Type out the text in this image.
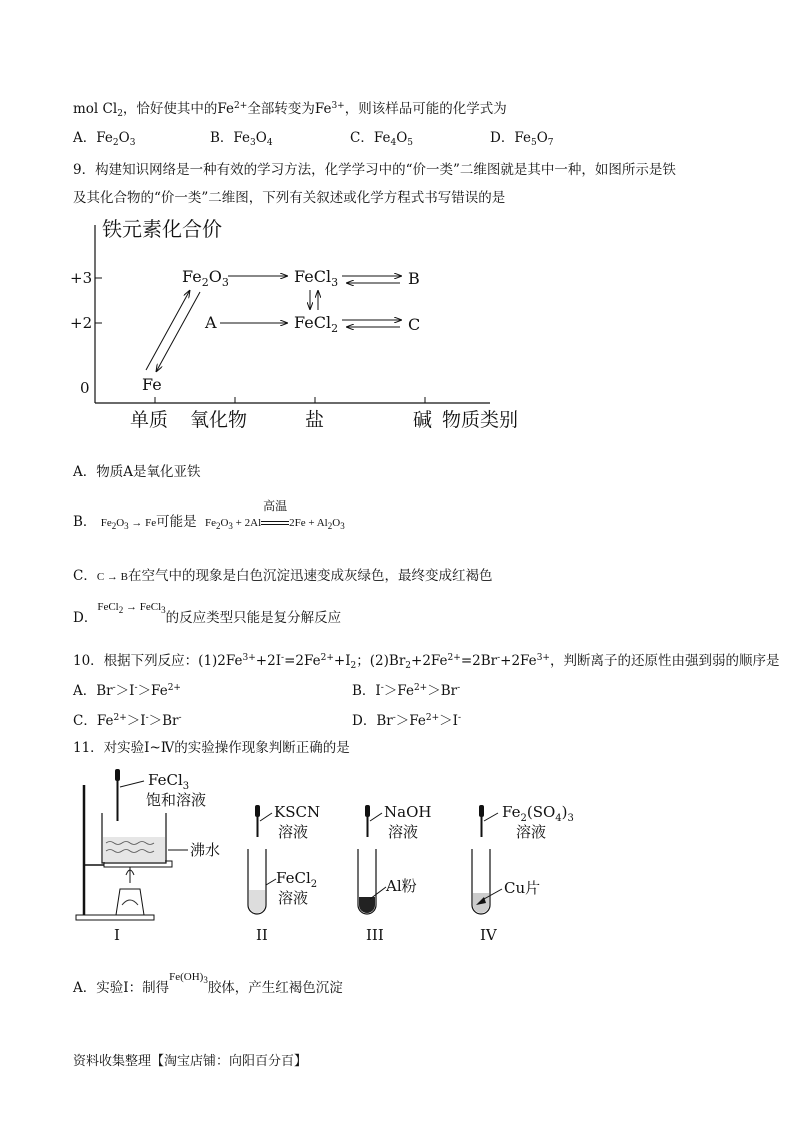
mol $Cl_2$，恰好使其中的$Fe^{2+}$全部转变为$Fe^{3+}$，则该样品可能的化学式为
A．$Fe_2O_3$	B．$Fe_3O_4$	C．$Fe_4O_5$	D．$Fe_5O_7$
9．构建知识网络是一种有效的学习方法，化学学习中的“价一类”二维图就是其中一种，如图所示是铁
及其化合物的“价一类”二维图，下列有关叙述或化学方程式书写错误的是
铁元素化合价
+3
+2
0
单质 氧化物	盐	碱 物质类别
$Fe_2O_3$	FeCl$_3$
FeCl$_2$
A
B
C
Fe
A．物质A是氧化亚铁
B． $Fe_2O_3 \to Fe$可能是 $Fe_2O_3 + 2Al$
高温
$2Fe + Al_2O_3$
C．C → B在空气中的现象是白色沉淀迅速变成灰绿色，最终变成红褐色
D．$^{FeCl_2 \to FeCl_3}$的反应类型只能是复分解反应
10．根据下列反应：$(1)2Fe^{3+}+2I^-=2Fe^{2+}+I_2$；$(2)Br_2+2Fe^{2+}=2Br^-+2Fe^{3+}$，判断离子的还原性由强到弱的顺序是
A．$Br^->I^->Fe^{2+}$	B．$I^->Fe^{2+}>Br^-$
C．$Fe^{2+}>I^->Br^-$	D．$Br^->Fe^{2+}>I^-$
11．对实验Ⅰ~Ⅳ的实验操作现象判断正确的是
FeCl$_3$
饱和溶液
沸水
I
KSCN
溶液
FeCl$_2$
溶液
II
NaOH
溶液
Al粉
III
$Fe_2(SO_4)_3$
溶液
Cu片
IV
A．实验Ⅰ：制得$^{Fe(OH)_3}$胶体，产生红褐色沉淀
资料收集整理【淘宝店铺：向阳百分百】
